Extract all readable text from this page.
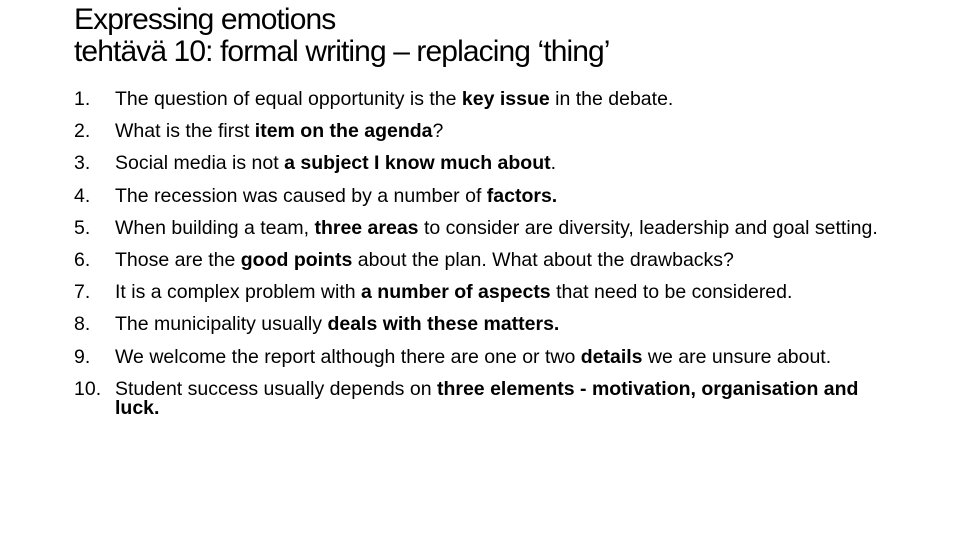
Expressing emotions
tehtävä 10: formal writing – replacing ‘thing’
1. The question of equal opportunity is the key issue in the debate.
2. What is the first item on the agenda?
3. Social media is not a subject I know much about.
4. The recession was caused by a number of factors.
5. When building a team, three areas to consider are diversity, leadership and goal setting.
6. Those are the good points about the plan. What about the drawbacks?
7. It is a complex problem with a number of aspects that need to be considered.
8. The municipality usually deals with these matters.
9. We welcome the report although there are one or two details we are unsure about.
10. Student success usually depends on three elements - motivation, organisation and luck.
